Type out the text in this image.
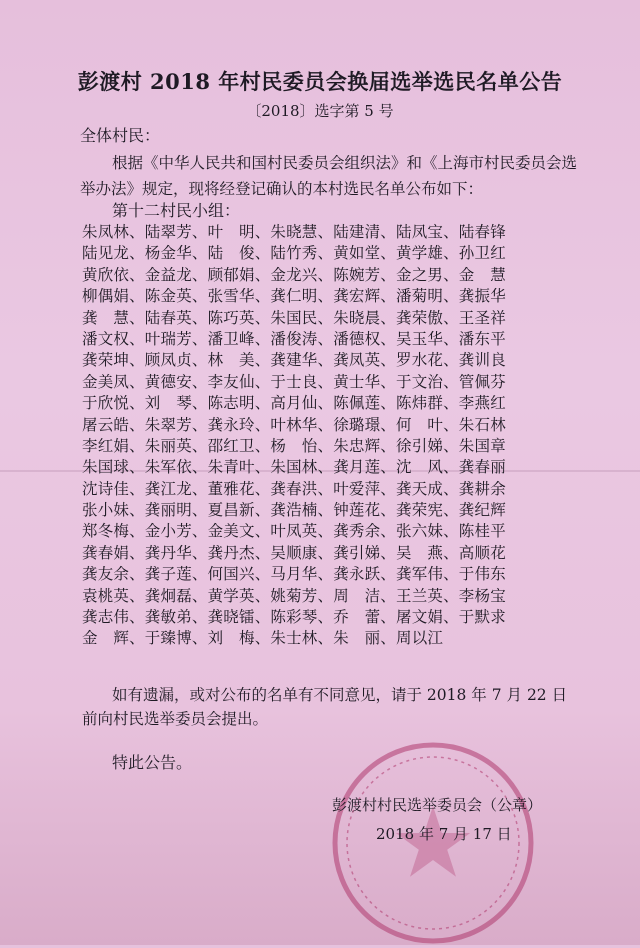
彭渡村 2018 年村民委员会换届选举选民名单公告
〔2018〕选字第 5 号
全体村民：
根据《中华人民共和国村民委员会组织法》和《上海市村民委员会选举办法》规定，现将经登记确认的本村选民名单公布如下：
第十二村民小组：
朱凤林、陆翠芳、叶　明、朱晓慧、陆建清、陆凤宝、陆春锋
陆见龙、杨金华、陆　俊、陆竹秀、黄如堂、黄学雄、孙卫红
黄欣依、金益龙、顾郁娟、金龙兴、陈婉芳、金之男、金　慧
柳偶娟、陈金英、张雪华、龚仁明、龚宏辉、潘菊明、龚振华
龚　慧、陆春英、陈巧英、朱国民、朱晓晨、龚荣傲、王圣祥
潘文权、叶瑞芳、潘卫峰、潘俊涛、潘德权、吴玉华、潘东平
龚荣坤、顾凤贞、林　美、龚建华、龚凤英、罗水花、龚训良
金美凤、黄德安、李友仙、于士良、黄士华、于文治、管佩芬
于欣悦、刘　琴、陈志明、高月仙、陈佩莲、陈炜群、李燕红
屠云皓、朱翠芳、龚永玲、叶林华、徐璐璟、何　叶、朱石林
李红娟、朱丽英、邵红卫、杨　怡、朱忠辉、徐引娣、朱国章
朱国球、朱军依、朱青叶、朱国林、龚月莲、沈　风、龚春丽
沈诗佳、龚江龙、董雅花、龚春洪、叶爱萍、龚天成、龚耕余
张小妹、龚丽明、夏昌新、龚浩楠、钟莲花、龚荣宪、龚纪辉
郑冬梅、金小芳、金美文、叶凤英、龚秀余、张六妹、陈桂平
龚春娟、龚丹华、龚丹杰、吴顺康、龚引娣、吴　燕、高顺花
龚友余、龚子莲、何国兴、马月华、龚永跃、龚军伟、于伟东
袁桃英、龚炯磊、黄学英、姚菊芳、周　洁、王兰英、李杨宝
龚志伟、龚敏弟、龚晓镭、陈彩琴、乔　蕾、屠文娟、于默求
金　辉、于臻博、刘　梅、朱士林、朱　丽、周以江
如有遗漏，或对公布的名单有不同意见，请于 2018 年 7 月 22 日
前向村民选举委员会提出。
特此公告。
彭渡村村民选举委员会（公章）
2018 年 7 月 17 日
